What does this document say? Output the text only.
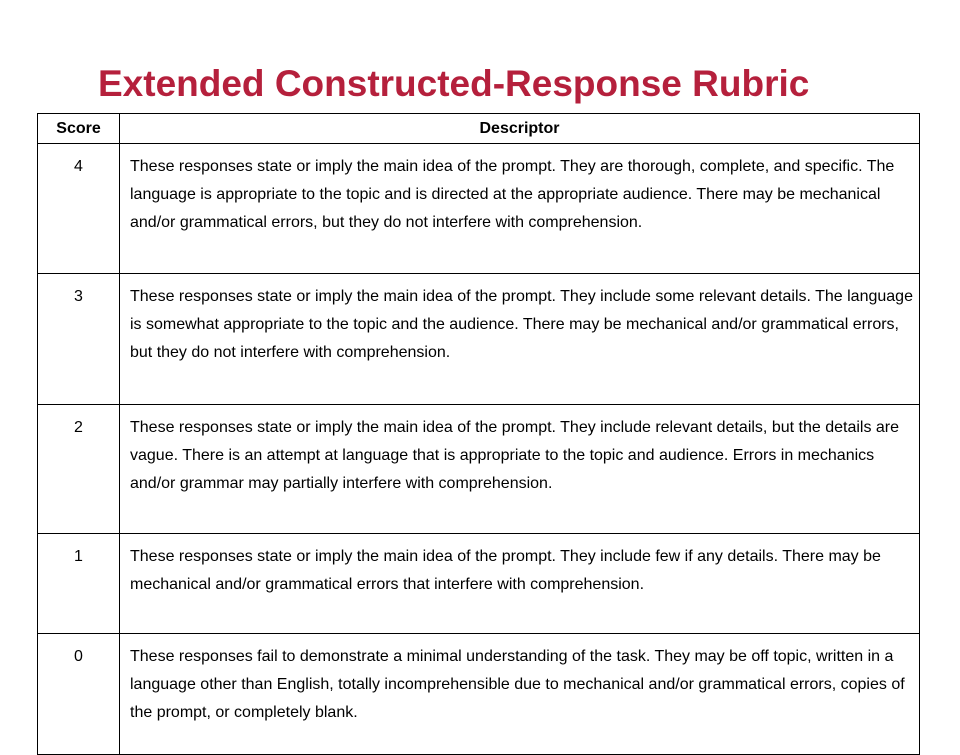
Extended Constructed-Response Rubric
Score	Descriptor
4	These responses state or imply the main idea of the prompt. They are thorough, complete, and specific. The language is appropriate to the topic and is directed at the appropriate audience. There may be mechanical and/or grammatical errors, but they do not interfere with comprehension.
3	These responses state or imply the main idea of the prompt. They include some relevant details. The language is somewhat appropriate to the topic and the audience. There may be mechanical and/or grammatical errors, but they do not interfere with comprehension.
2	These responses state or imply the main idea of the prompt. They include relevant details, but the details are vague. There is an attempt at language that is appropriate to the topic and audience. Errors in mechanics and/or grammar may partially interfere with comprehension.
1	These responses state or imply the main idea of the prompt. They include few if any details. There may be mechanical and/or grammatical errors that interfere with comprehension.
0	These responses fail to demonstrate a minimal understanding of the task. They may be off topic, written in a language other than English, totally incomprehensible due to mechanical and/or grammatical errors, copies of the prompt, or completely blank.
